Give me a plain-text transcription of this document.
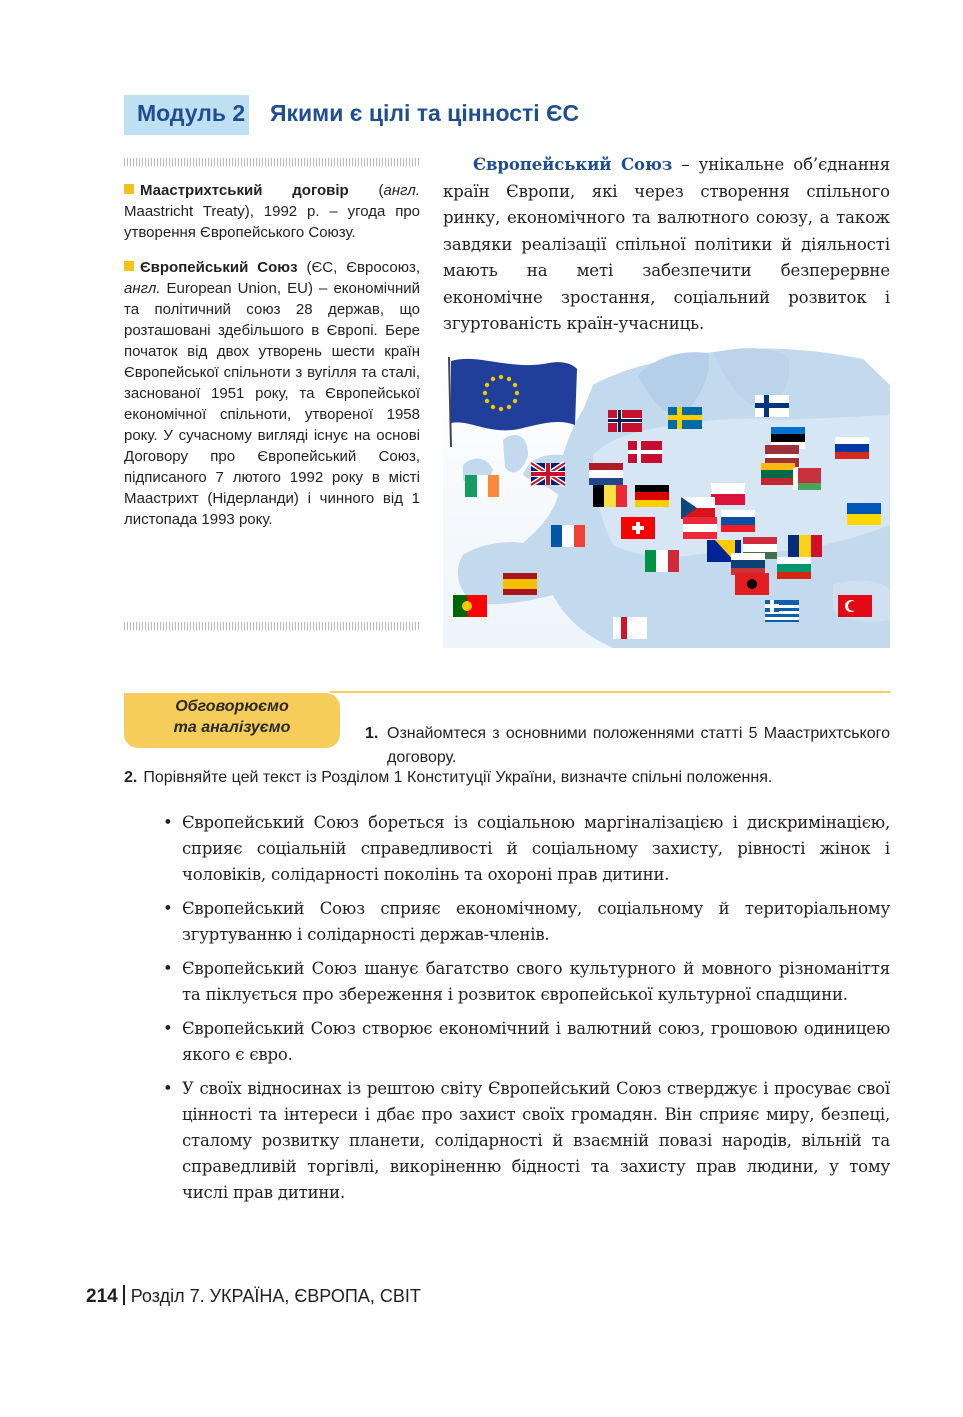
Модуль 2 Якими є цілі та цінності ЄС

Маастрихтський договір (англ. Maastricht Treaty), 1992 р. – угода про утворення Європейського Союзу.

Європейський Союз (ЄС, Євросоюз, англ. European Union, EU) – економічний та політичний союз 28 держав, що розташовані здебільшого в Європі. Бере початок від двох утворень шести країн Європейської спільноти з вугілля та сталі, заснованої 1951 року, та Європейської економічної спільноти, утвореної 1958 року. У сучасному вигляді існує на основі Договору про Європейський Союз, підписаного 7 лютого 1992 року в місті Маастрихт (Нідерланди) і чинного від 1 листопада 1993 року.

Європейський Союз – унікальне об’єднання країн Європи, які через створення спільного ринку, економічного та валютного союзу, а також завдяки реалізації спільної політики й діяльності мають на меті забезпечити безперервне економічне зростання, соціальний розвиток і згуртованість країн-учасниць.

Обговорюємо
та аналізуємо	1. Ознайомтеся з основними положеннями статті 5 Маастрихтського договору.

2. Порівняйте цей текст із Розділом 1 Конституції України, визначте спільні положення.

• Європейський Союз бореться із соціальною маргіналізацією і дискримінацією, сприяє соціальній справедливості й соціальному захисту, рівності жінок і чоловіків, солідарності поколінь та охороні прав дитини.
• Європейський Союз сприяє економічному, соціальному й територіальному згуртуванню і солідарності держав-членів.
• Європейський Союз шанує багатство свого культурного й мовного різноманіття та піклується про збереження і розвиток європейської культурної спадщини.
• Європейський Союз створює економічний і валютний союз, грошовою одиницею якого є євро.
• У своїх відносинах із рештою світу Європейський Союз стверджує і просуває свої цінності та інтереси і дбає про захист своїх громадян. Він сприяє миру, безпеці, сталому розвитку планети, солідарності й взаємній повазі народів, вільній та справедливій торгівлі, викоріненню бідності та захисту прав людини, у тому числі прав дитини.
214 Розділ 7. УКРАЇНА, ЄВРОПА, СВІТ
